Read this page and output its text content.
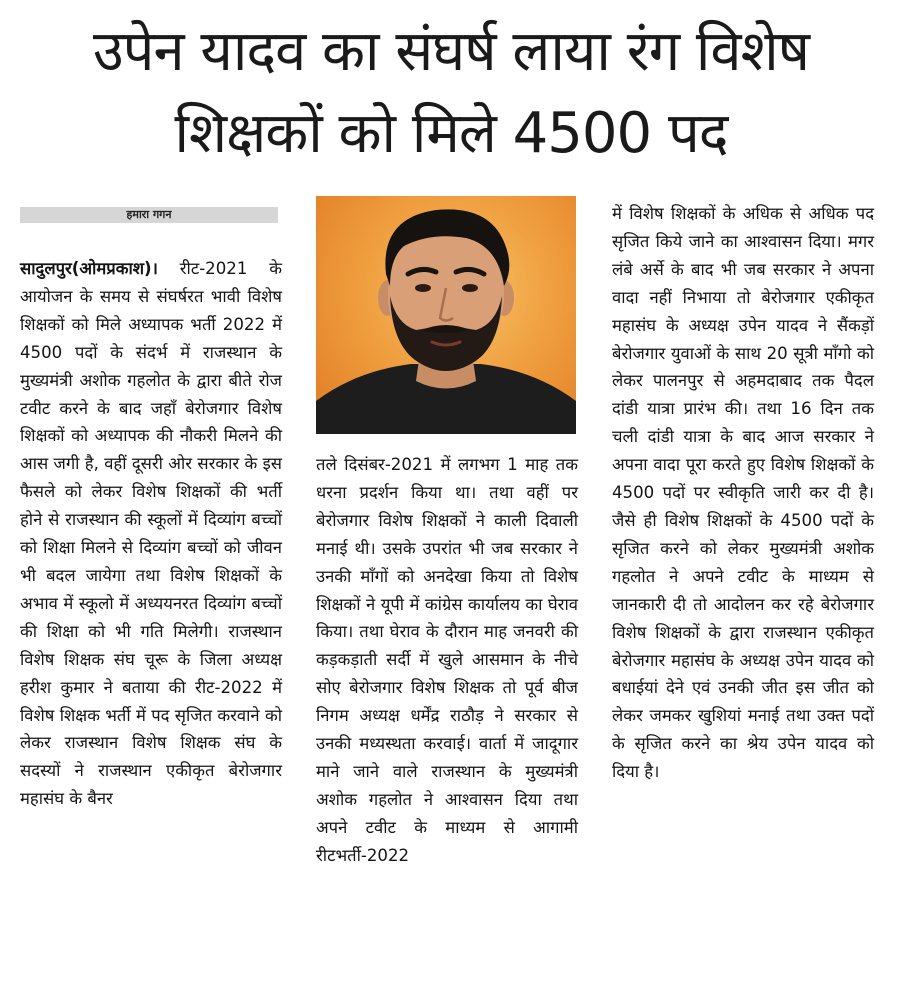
उपेन यादव का संघर्ष लाया रंग विशेष
शिक्षकों को मिले 4500 पद
हमारा गगन

सादुलपुर(ओमप्रकाश)। रीट-2021 के आयोजन के समय से संघर्षरत भावी विशेष शिक्षकों को मिले अध्यापक भर्ती 2022 में 4500 पदों के संदर्भ में राजस्थान के मुख्यमंत्री अशोक गहलोत के द्वारा बीते रोज टवीट करने के बाद जहाँ बेरोजगार विशेष शिक्षकों को अध्यापक की नौकरी मिलने की आस जगी है, वहीं दूसरी ओर सरकार के इस फैसले को लेकर विशेष शिक्षकों की भर्ती होने से राजस्थान की स्कूलों में दिव्यांग बच्चों को शिक्षा मिलने से दिव्यांग बच्चों को जीवन भी बदल जायेगा तथा विशेष शिक्षकों के अभाव में स्कूलो में अध्ययनरत दिव्यांग बच्चों की शिक्षा को भी गति मिलेगी। राजस्थान विशेष शिक्षक संघ चूरू के जिला अध्यक्ष हरीश कुमार ने बताया की रीट-2022 में विशेष शिक्षक भर्ती में पद सृजित करवाने को लेकर राजस्थान विशेष शिक्षक संघ के सदस्यों ने राजस्थान एकीकृत बेरोजगार महासंघ के बैनर

तले दिसंबर-2021 में लगभग 1 माह तक धरना प्रदर्शन किया था। तथा वहीं पर बेरोजगार विशेष शिक्षकों ने काली दिवाली मनाई थी। उसके उपरांत भी जब सरकार ने उनकी माँगों को अनदेखा किया तो विशेष शिक्षकों ने यूपी में कांग्रेस कार्यालय का घेराव किया। तथा घेराव के दौरान माह जनवरी की कड़कड़ाती सर्दी में खुले आसमान के नीचे सोए बेरोजगार विशेष शिक्षक तो पूर्व बीज निगम अध्यक्ष धर्मेंद्र राठौड़ ने सरकार से उनकी मध्यस्थता करवाई। वार्ता में जादूगार माने जाने वाले राजस्थान के मुख्यमंत्री अशोक गहलोत ने आश्वासन दिया तथा अपने टवीट के माध्यम से आगामी रीटभर्ती-2022

में विशेष शिक्षकों के अधिक से अधिक पद सृजित किये जाने का आश्वासन दिया। मगर लंबे अर्से के बाद भी जब सरकार ने अपना वादा नहीं निभाया तो बेरोजगार एकीकृत महासंघ के अध्यक्ष उपेन यादव ने सैंकड़ों बेरोजगार युवाओं के साथ 20 सूत्री माँगो को लेकर पालनपुर से अहमदाबाद तक पैदल दांडी यात्रा प्रारंभ की। तथा 16 दिन तक चली दांडी यात्रा के बाद आज सरकार ने अपना वादा पूरा करते हुए विशेष शिक्षकों के 4500 पदों पर स्वीकृति जारी कर दी है। जैसे ही विशेष शिक्षकों के 4500 पदों के सृजित करने को लेकर मुख्यमंत्री अशोक गहलोत ने अपने टवीट के माध्यम से जानकारी दी तो आदोलन कर रहे बेरोजगार विशेष शिक्षकों के द्वारा राजस्थान एकीकृत बेरोजगार महासंघ के अध्यक्ष उपेन यादव को बधाईयां देने एवं उनकी जीत इस जीत को लेकर जमकर खुशियां मनाई तथा उक्त पदों के सृजित करने का श्रेय उपेन यादव को दिया है।
